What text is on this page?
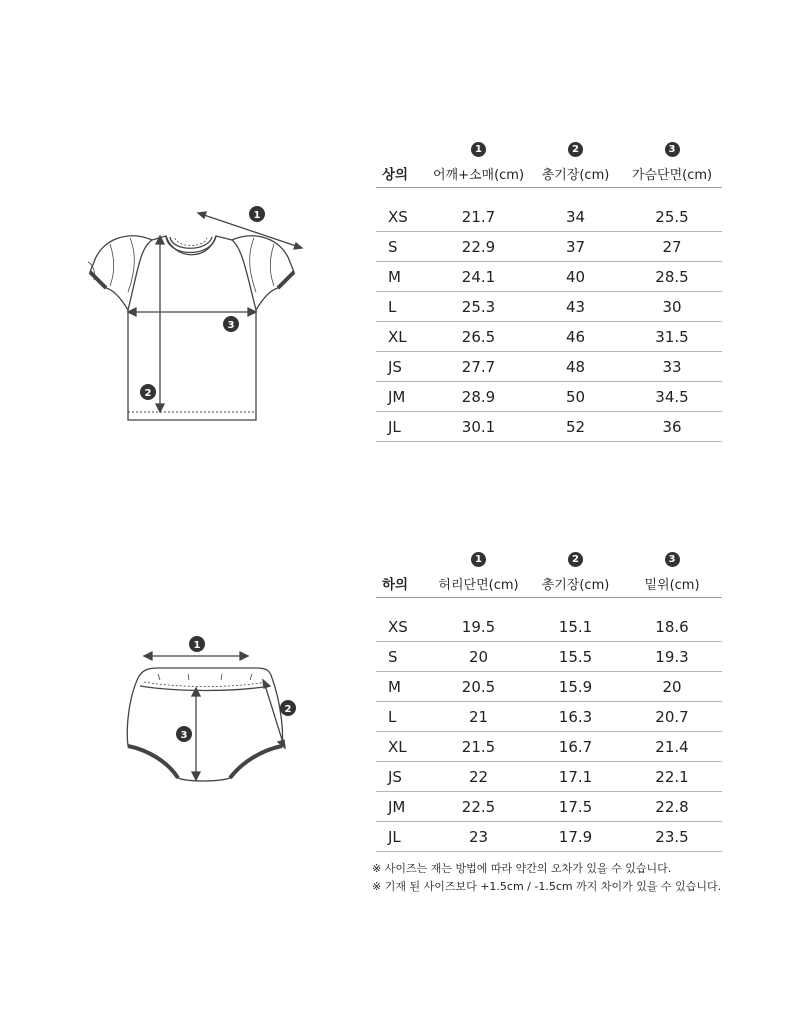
1
2
3
	1	2	3
상의	어깨+소매(cm)	총기장(cm)	가슴단면(cm)

XS	21.7	34	25.5
S	22.9	37	27
M	24.1	40	28.5
L	25.3	43	30
XL	26.5	46	31.5
JS	27.7	48	33
JM	28.9	50	34.5
JL	30.1	52	36
1
2
3
	1	2	3
하의	허리단면(cm)	총기장(cm)	밑위(cm)

XS	19.5	15.1	18.6
S	20	15.5	19.3
M	20.5	15.9	20
L	21	16.3	20.7
XL	21.5	16.7	21.4
JS	22	17.1	22.1
JM	22.5	17.5	22.8
JL	23	17.9	23.5
※ 사이즈는 재는 방법에 따라 약간의 오차가 있을 수 있습니다.
※ 기재 된 사이즈보다 +1.5cm / -1.5cm 까지 차이가 있을 수 있습니다.
